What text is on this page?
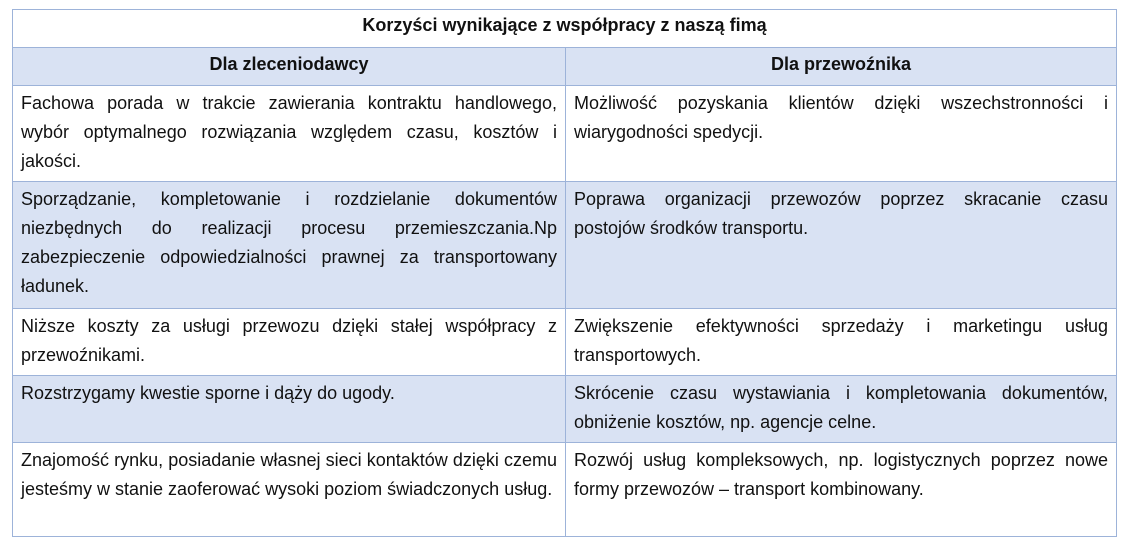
Korzyści wynikające z współpracy z naszą fimą	
Dla zleceniodawcy	Dla przewoźnika
Fachowa porada w trakcie zawierania kontraktu handlowego, wybór optymalnego rozwiązania względem czasu, kosztów i jakości.	Możliwość pozyskania klientów dzięki wszechstronności i wiarygodności spedycji.
Sporządzanie, kompletowanie i rozdzielanie dokumentów niezbędnych do realizacji procesu przemieszczania.Np zabezpieczenie odpowiedzialności prawnej za transportowany ładunek.	Poprawa organizacji przewozów poprzez skracanie czasu postojów środków transportu.
Niższe koszty za usługi przewozu dzięki stałej współpracy z przewoźnikami.	Zwiększenie efektywności sprzedaży i marketingu usług transportowych.
Rozstrzygamy kwestie sporne i dąży do ugody.	Skrócenie czasu wystawiania i kompletowania dokumentów, obniżenie kosztów, np. agencje celne.
Znajomość rynku, posiadanie własnej sieci kontaktów dzięki czemu jesteśmy w stanie zaoferować wysoki poziom świadczonych usług.	Rozwój usług kompleksowych, np. logistycznych poprzez nowe formy przewozów – transport kombinowany.
